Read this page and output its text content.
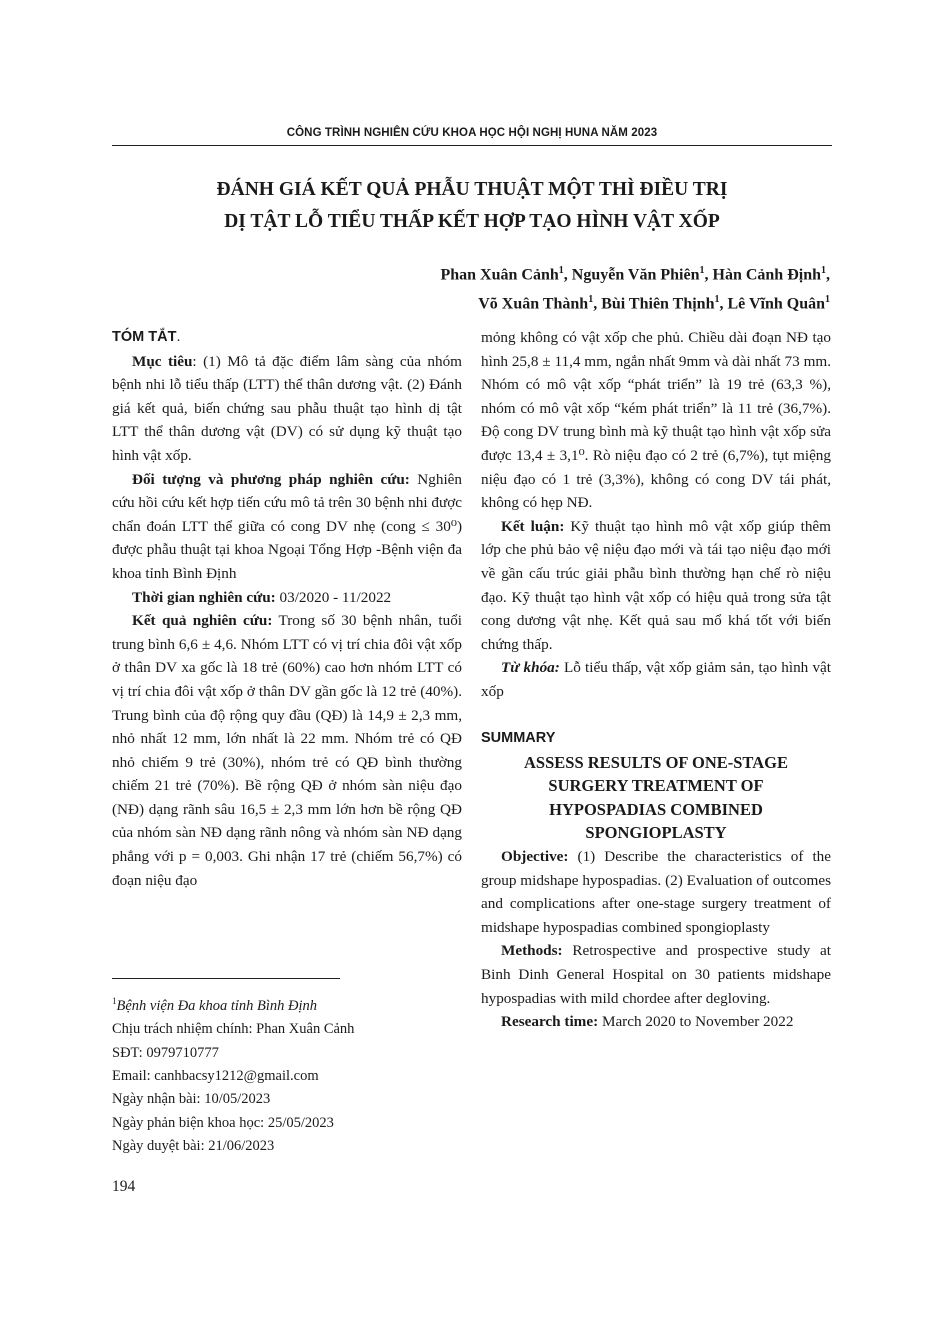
CÔNG TRÌNH NGHIÊN CỨU KHOA HỌC HỘI NGHỊ HUNA NĂM 2023
ĐÁNH GIÁ KẾT QUẢ PHẪU THUẬT MỘT THÌ ĐIỀU TRỊ
DỊ TẬT LỖ TIỂU THẤP KẾT HỢP TẠO HÌNH VẬT XỐP
Phan Xuân Cảnh$^1$, Nguyễn Văn Phiên$^1$, Hàn Cảnh Định$^1$,
Võ Xuân Thành$^1$, Bùi Thiên Thịnh$^1$, Lê Vĩnh Quân$^1$

TÓM TẮT.

Mục tiêu: (1) Mô tả đặc điểm lâm sàng của nhóm bệnh nhi lỗ tiểu thấp (LTT) thể thân dương vật. (2) Đánh giá kết quả, biến chứng sau phẫu thuật tạo hình dị tật LTT thể thân dương vật (DV) có sử dụng kỹ thuật tạo hình vật xốp.

Đối tượng và phương pháp nghiên cứu: Nghiên cứu hồi cứu kết hợp tiến cứu mô tả trên 30 bệnh nhi được chẩn đoán LTT thể giữa có cong DV nhẹ (cong ≤ 30⁰) được phẫu thuật tại khoa Ngoại Tổng Hợp -Bệnh viện đa khoa tỉnh Bình Định

Thời gian nghiên cứu: 03/2020 - 11/2022

Kết quả nghiên cứu: Trong số 30 bệnh nhân, tuổi trung bình 6,6 ± 4,6. Nhóm LTT có vị trí chia đôi vật xốp ở thân DV xa gốc là 18 trẻ (60%) cao hơn nhóm LTT có vị trí chia đôi vật xốp ở thân DV gần gốc là 12 trẻ (40%). Trung bình của độ rộng quy đầu (QĐ) là 14,9 ± 2,3 mm, nhỏ nhất 12 mm, lớn nhất là 22 mm. Nhóm trẻ có QĐ nhỏ chiếm 9 trẻ (30%), nhóm trẻ có QĐ bình thường chiếm 21 trẻ (70%). Bề rộng QĐ ở nhóm sàn niệu đạo (NĐ) dạng rãnh sâu 16,5 ± 2,3 mm lớn hơn bề rộng QĐ của nhóm sàn NĐ dạng rãnh nông và nhóm sàn NĐ dạng phẳng với p = 0,003. Ghi nhận 17 trẻ (chiếm 56,7%) có đoạn niệu đạo

mỏng không có vật xốp che phủ. Chiều dài đoạn NĐ tạo hình 25,8 ± 11,4 mm, ngắn nhất 9mm và dài nhất 73 mm. Nhóm có mô vật xốp “phát triển” là 19 trẻ (63,3 %), nhóm có mô vật xốp “kém phát triển” là 11 trẻ (36,7%). Độ cong DV trung bình mà kỹ thuật tạo hình vật xốp sửa được 13,4 ± 3,1⁰. Rò niệu đạo có 2 trẻ (6,7%), tụt miệng niệu đạo có 1 trẻ (3,3%), không có cong DV tái phát, không có hẹp NĐ.

Kết luận: Kỹ thuật tạo hình mô vật xốp giúp thêm lớp che phủ bảo vệ niệu đạo mới và tái tạo niệu đạo mới về gần cấu trúc giải phẫu bình thường hạn chế rò niệu đạo. Kỹ thuật tạo hình vật xốp có hiệu quả trong sửa tật cong dương vật nhẹ. Kết quả sau mổ khá tốt với biến chứng thấp.

Từ khóa: Lỗ tiểu thấp, vật xốp giảm sản, tạo hình vật xốp

SUMMARY

ASSESS RESULTS OF ONE-STAGE
SURGERY TREATMENT OF
HYPOSPADIAS COMBINED
SPONGIOPLASTY

Objective: (1) Describe the characteristics of the group midshape hypospadias. (2) Evaluation of outcomes and complications after one-stage surgery treatment of midshape hypospadias combined spongioplasty

Methods: Retrospective and prospective study at Binh Dinh General Hospital on 30 patients midshape hypospadias with mild chordee after degloving.

Research time: March 2020 to November 2022

$^1$Bệnh viện Đa khoa tỉnh Bình Định
Chịu trách nhiệm chính: Phan Xuân Cảnh
SĐT: 0979710777
Email: canhbacsy1212@gmail.com
Ngày nhận bài: 10/05/2023
Ngày phản biện khoa học: 25/05/2023
Ngày duyệt bài: 21/06/2023
194
